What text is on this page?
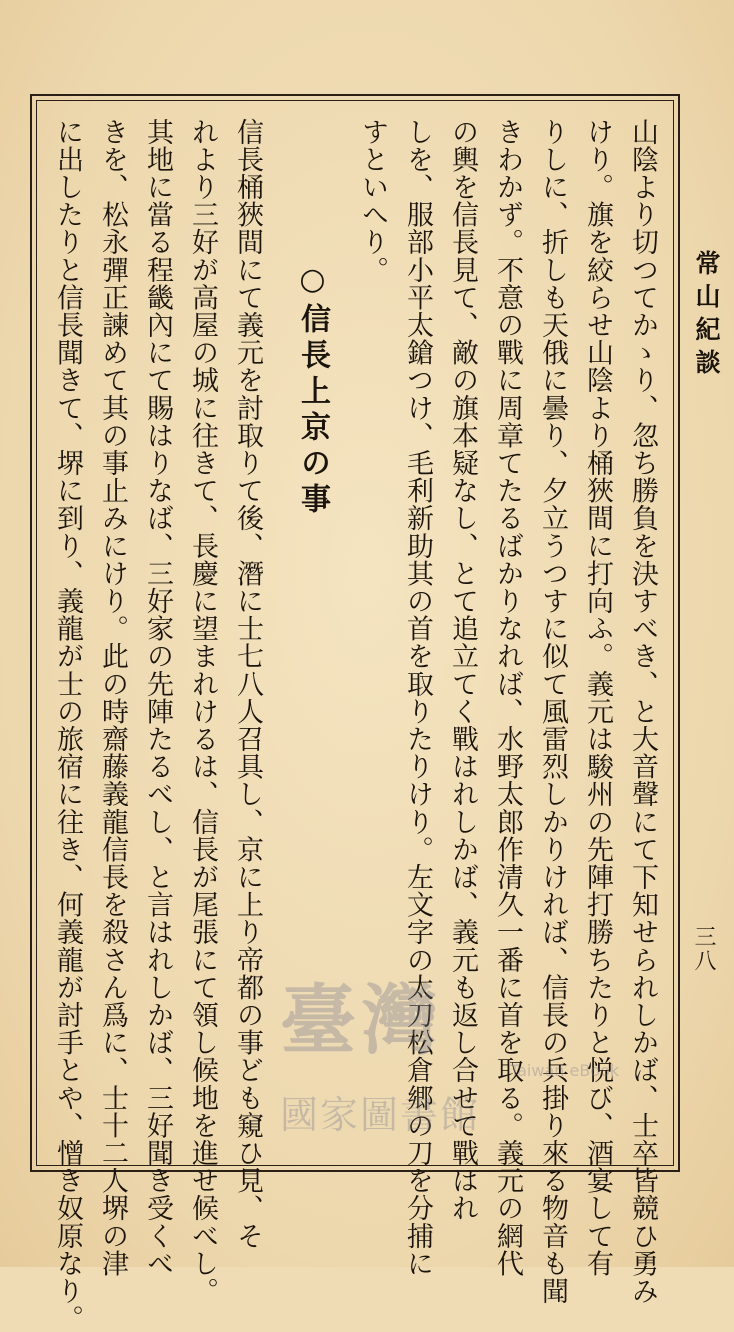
常山紀談
三八
山陰より切つてかゝり、忽ち勝負を決すべき、と大音聲にて下知せられしかば、士卒皆競ひ勇み
けり。旗を絞らせ山陰より桶狹間に打向ふ。義元は駿州の先陣打勝ちたりと悦び、酒宴して有
りしに、折しも天俄に曇り、夕立うつすに似て風雷烈しかりければ、信長の兵掛り來る物音も聞
きわかず。不意の戰に周章てたるばかりなれば、水野太郎作清久一番に首を取る。義元の網代
の輿を信長見て、敵の旗本疑なし、とて追立てく戰はれしかば、義元も返し合せて戰はれ
しを、服部小平太鎗つけ、毛利新助其の首を取りたりけり。左文字の太刀松倉郷の刀を分捕に
すといへり。
○信長上京の事
信長桶狹間にて義元を討取りて後、潛に士七八人召具し、京に上り帝都の事ども窺ひ見、そ
れより三好が高屋の城に往きて、長慶に望まれけるは、信長が尾張にて領し候地を進せ候べし。
其地に當る程畿內にて賜はりなば、三好家の先陣たるべし、と言はれしかば、三好聞き受くべ
きを、松永彈正諫めて其の事止みにけり。此の時齋藤義龍信長を殺さん爲に、士十二人堺の津
に出したりと信長聞きて、堺に到り、義龍が士の旅宿に往き、何義龍が討手とや、憎き奴原なり。	臺灣
Taiwan eBook
國家圖書館
